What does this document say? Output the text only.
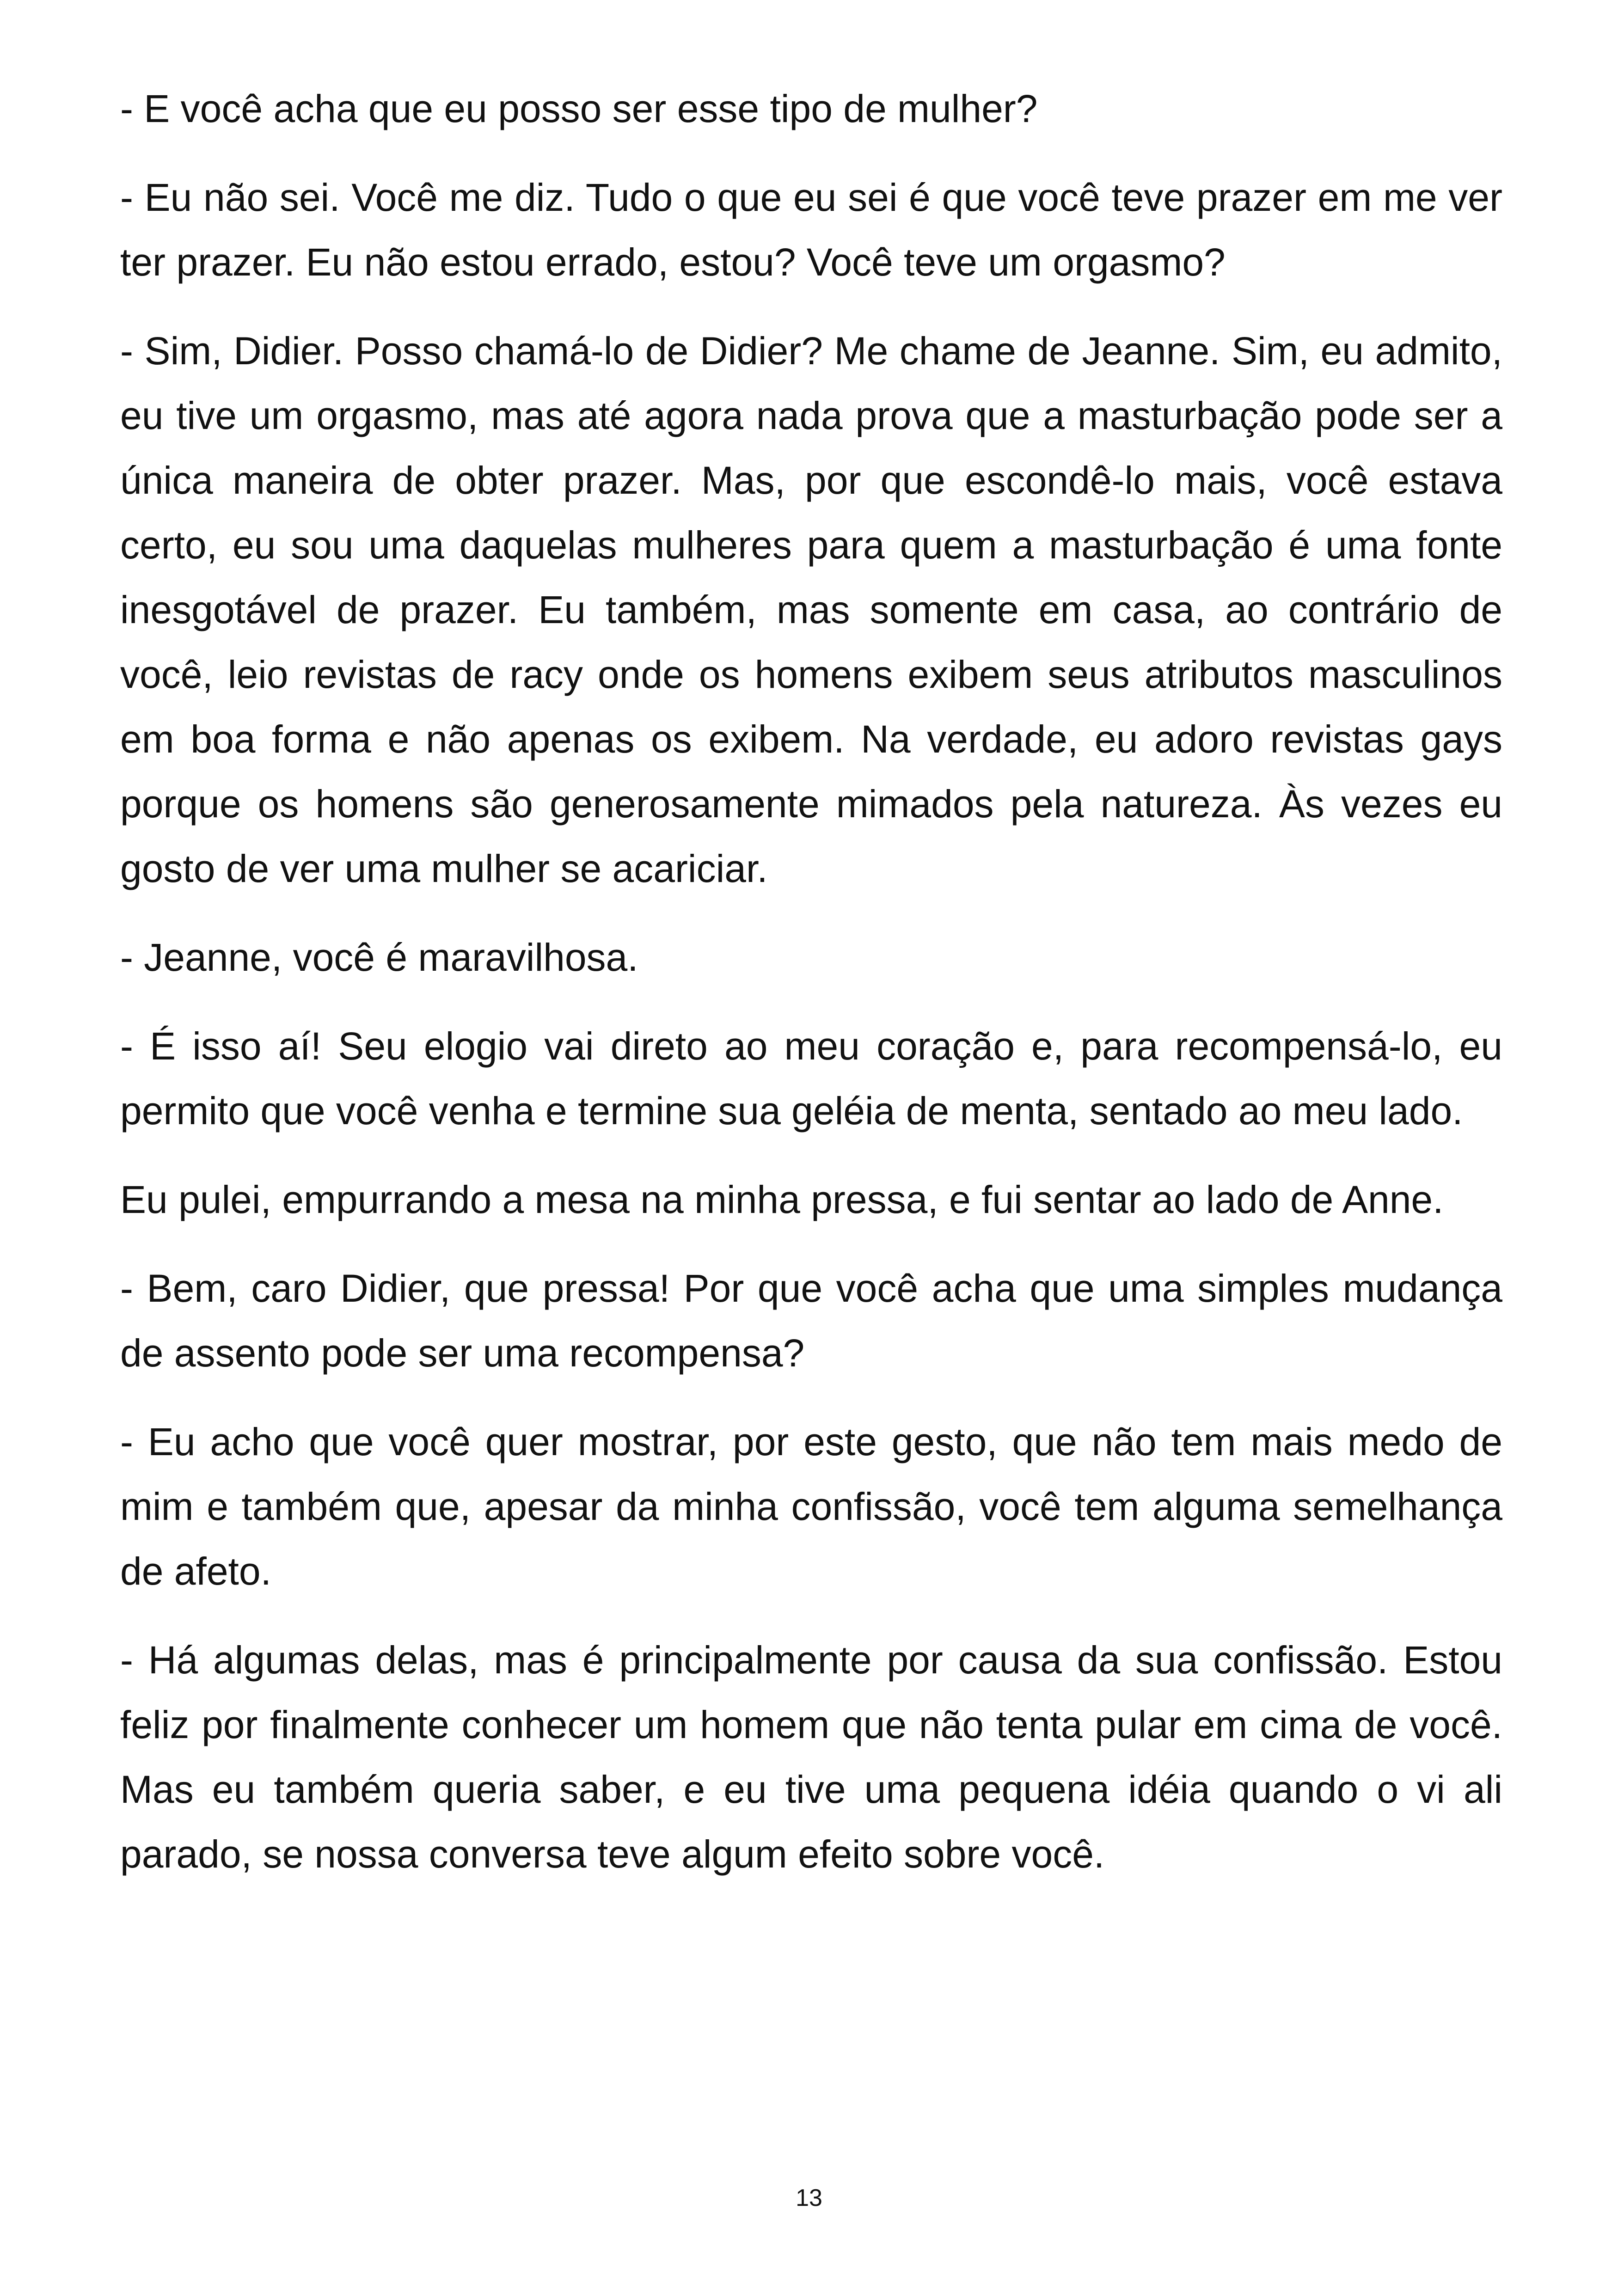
- E você acha que eu posso ser esse tipo de mulher?

- Eu não sei. Você me diz. Tudo o que eu sei é que você teve prazer em me ver ter prazer. Eu não estou errado, estou? Você teve um orgasmo?

- Sim, Didier. Posso chamá-lo de Didier? Me chame de Jeanne. Sim, eu admito, eu tive um orgasmo, mas até agora nada prova que a masturbação pode ser a única maneira de obter prazer. Mas, por que escondê-lo mais, você estava certo, eu sou uma daquelas mulheres para quem a masturbação é uma fonte inesgotável de prazer. Eu também, mas somente em casa, ao contrário de você, leio revistas de racy onde os homens exibem seus atributos masculinos em boa forma e não apenas os exibem. Na verdade, eu adoro revistas gays porque os homens são generosamente mimados pela natureza. Às vezes eu gosto de ver uma mulher se acariciar.

- Jeanne, você é maravilhosa.

- É isso aí! Seu elogio vai direto ao meu coração e, para recompensá-lo, eu permito que você venha e termine sua geléia de menta, sentado ao meu lado.

Eu pulei, empurrando a mesa na minha pressa, e fui sentar ao lado de Anne.

- Bem, caro Didier, que pressa! Por que você acha que uma simples mudança de assento pode ser uma recompensa?

- Eu acho que você quer mostrar, por este gesto, que não tem mais medo de mim e também que, apesar da minha confissão, você tem alguma semelhança de afeto.

- Há algumas delas, mas é principalmente por causa da sua confissão. Estou feliz por finalmente conhecer um homem que não tenta pular em cima de você. Mas eu também queria saber, e eu tive uma pequena idéia quando o vi ali parado, se nossa conversa teve algum efeito sobre você.

13
